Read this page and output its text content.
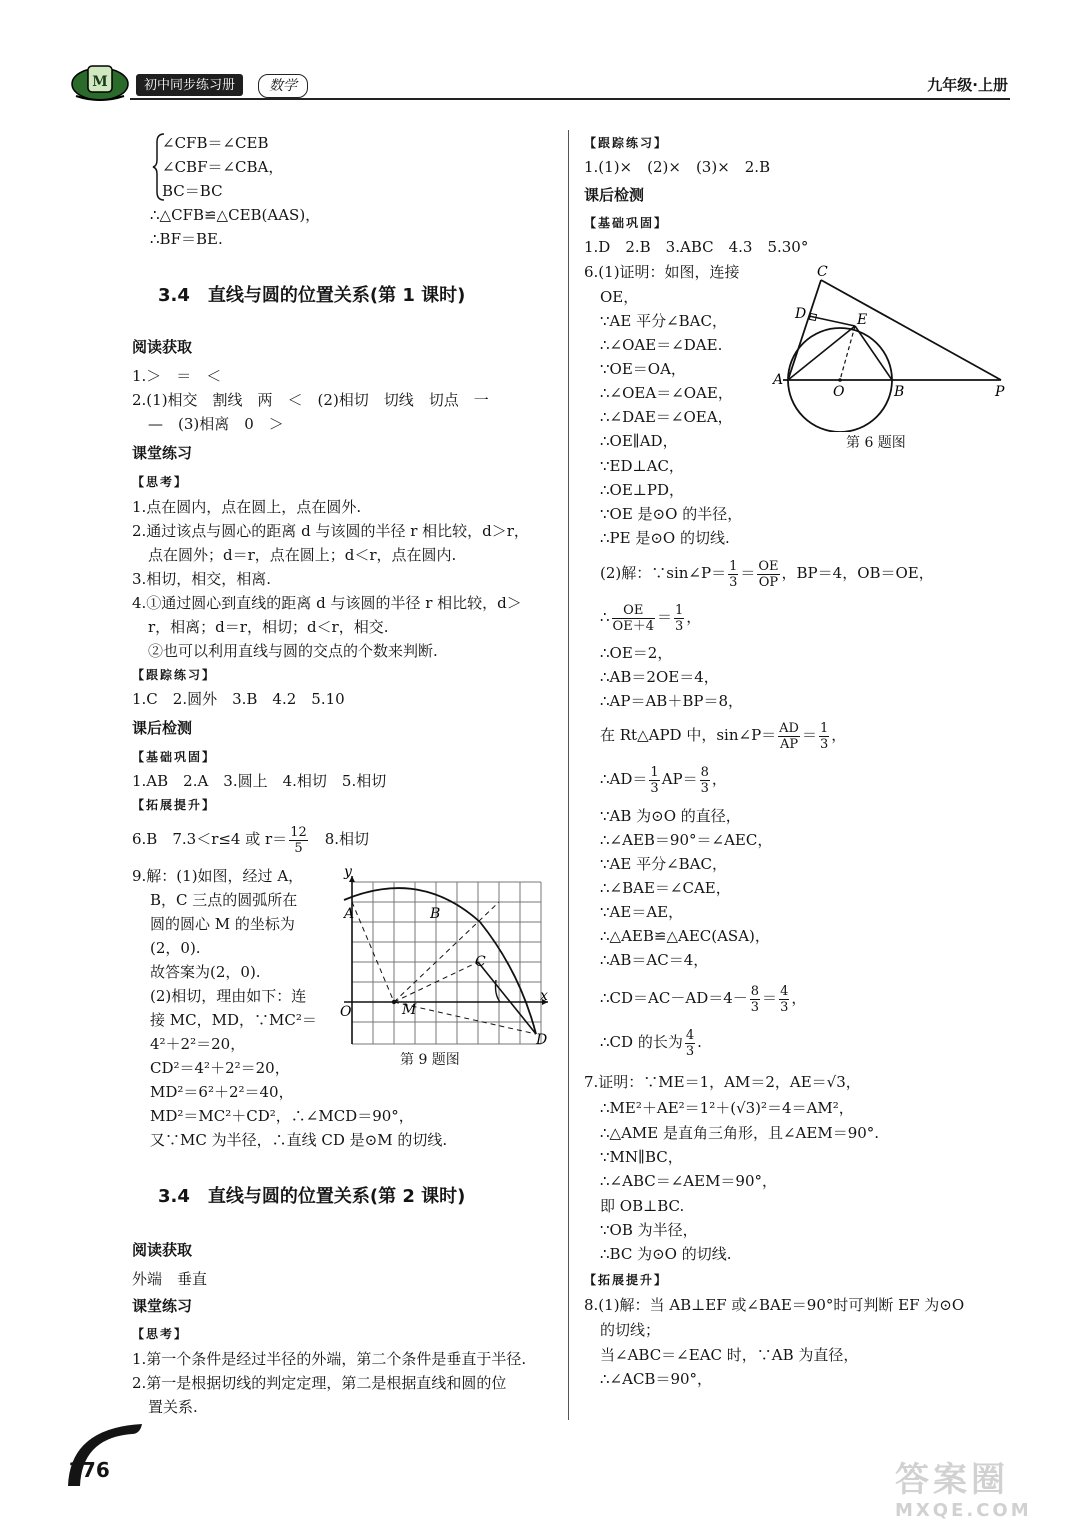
M	初中同步练习册	数学	九年级·上册
∠CFB＝∠CEB
∠CBF＝∠CBA，
BC＝BC
∴△CFB≌△CEB(AAS)，
∴BF＝BE.
3.4　直线与圆的位置关系(第 1 课时)
阅读获取
1.＞　＝　＜
2.(1)相交　割线　两　＜　(2)相切　切线　切点　一
—　(3)相离　0　＞
课堂练习
【思考】
1.点在圆内，点在圆上，点在圆外.
2.通过该点与圆心的距离 d 与该圆的半径 r 相比较，d＞r，
点在圆外；d＝r，点在圆上；d＜r，点在圆内.
3.相切，相交，相离.
4.①通过圆心到直线的距离 d 与该圆的半径 r 相比较，d＞
r，相离；d＝r，相切；d＜r，相交.
②也可以利用直线与圆的交点的个数来判断.
【跟踪练习】
1.C　2.圆外　3.B　4.2　5.10
课后检测
【基础巩固】
1.AB　2.A　3.圆上　4.相切　5.相切
【拓展提升】
6.B　7.3＜r≤4 或 $r= \frac{12}{5}$ 　8.相切
9.解：(1)如图，经过 A，
B，C 三点的圆弧所在
圆的圆心 M 的坐标为
(2，0).
故答案为(2，0).
(2)相切，理由如下：连
接 MC，MD，∵MC²＝
4²＋2²＝20，
CD²＝4²＋2²＝20，
MD²＝6²＋2²＝40，
MD²＝MC²＋CD²，∴∠MCD＝90°，
又∵MC 为半径，∴直线 CD 是⊙M 的切线.
y
x
O
A	B
C
M
D
第 9 题图
3.4　直线与圆的位置关系(第 2 课时)
阅读获取
外端　垂直
课堂练习
【思考】
1.第一个条件是经过半径的外端，第二个条件是垂直于半径.
2.第一是根据切线的判定定理，第二是根据直线和圆的位
置关系.
176
【跟踪练习】
1.(1)×　(2)×　(3)×　2.B
课后检测
【基础巩固】
1.D　2.B　3.ABC　4.3　5.30°
6.(1)证明：如图，连接
OE，
∵AE 平分∠BAC，
∴∠OAE＝∠DAE.
∵OE＝OA，
∴∠OEA＝∠OAE，
∴∠DAE＝∠OEA，
∴OE∥AD，
∵ED⊥AC，
∴OE⊥PD，
∵OE 是⊙O 的半径，
∴PE 是⊙O 的切线.
C
D	E
A
O	B	P
第 6 题图
(2)解：∵sin∠P＝ $\frac{1}{3} = \frac{OE}{OP}$ ，BP＝4，OB＝OE，
∴ $\frac{OE}{OE+4} = \frac{1}{3}$ ，
∴OE＝2，
∴AB＝2OE＝4，
∴AP＝AB＋BP＝8，
在 Rt△APD 中，sin∠P＝ $\frac{AD}{AP} = \frac{1}{3}$ ，
∴AD＝ $\frac{1}{3} AP= \frac{8}{3}$ ，
∵AB 为⊙O 的直径，
∴∠AEB＝90°＝∠AEC，
∵AE 平分∠BAC，
∴∠BAE＝∠CAE，
∵AE＝AE，
∴△AEB≌△AEC(ASA)，
∴AB＝AC＝4，
∴CD＝AC－AD＝4－ $\frac{8}{3} = \frac{4}{3}$ ，
∴CD 的长为 $\frac{4}{3}$ .
7.证明：∵ME＝1，AM＝2，AE＝√3，
∴ME²＋AE²＝1²＋(√3)²＝4＝AM²，
∴△AME 是直角三角形，且∠AEM＝90°.
∵MN∥BC，
∴∠ABC＝∠AEM＝90°，
即 OB⊥BC.
∵OB 为半径，
∴BC 为⊙O 的切线.
【拓展提升】
8.(1)解：当 AB⊥EF 或∠BAE＝90°时可判断 EF 为⊙O
的切线；
当∠ABC＝∠EAC 时，∵AB 为直径，
∴∠ACB＝90°，
答案圈
MXQE.COM
